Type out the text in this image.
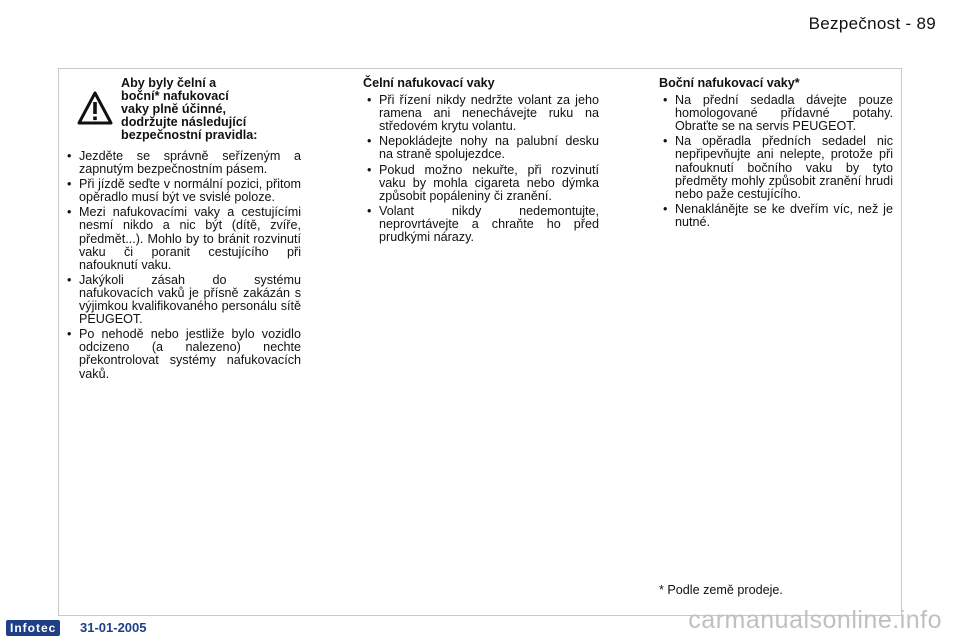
Bezpečnost - 89
Aby byly čelní a
boční* nafukovací
vaky plně účinné,
dodržujte následující
bezpečnostní pravidla:
• Jezděte se správně seřízeným a zapnutým bezpečnostním pásem.
• Při jízdě seďte v normální pozici, přitom opěradlo musí být ve svislé poloze.
• Mezi nafukovacími vaky a cestujícími nesmí nikdo a nic být (dítě, zvíře, předmět...). Mohlo by to bránit rozvinutí vaku či poranit cestujícího při nafouknutí vaku.
• Jakýkoli zásah do systému nafukovacích vaků je přísně zakázán s výjimkou kvalifikovaného personálu sítě PEUGEOT.
• Po nehodě nebo jestliže bylo vozidlo odcizeno (a nalezeno) nechte překontrolovat systémy nafukovacích vaků.
Čelní nafukovací vaky
• Při řízení nikdy nedržte volant za jeho ramena ani nenechávejte ruku na středovém krytu volantu.
• Nepokládejte nohy na palubní desku na straně spolujezdce.
• Pokud možno nekuřte, při rozvinutí vaku by mohla cigareta nebo dýmka způsobit popáleniny či zranění.
• Volant nikdy nedemontujte, neprovrtávejte a chraňte ho před prudkými nárazy.
Boční nafukovací vaky*
• Na přední sedadla dávejte pouze homologované přídavné potahy. Obraťte se na servis PEUGEOT.
• Na opěradla předních sedadel nic nepřipevňujte ani nelepte, protože při nafouknutí bočního vaku by tyto předměty mohly způsobit zranění hrudi nebo paže cestujícího.
• Nenaklánějte se ke dveřím víc, než je nutné.
* Podle země prodeje.
Infotec	31-01-2005	carmanualsonline.info
